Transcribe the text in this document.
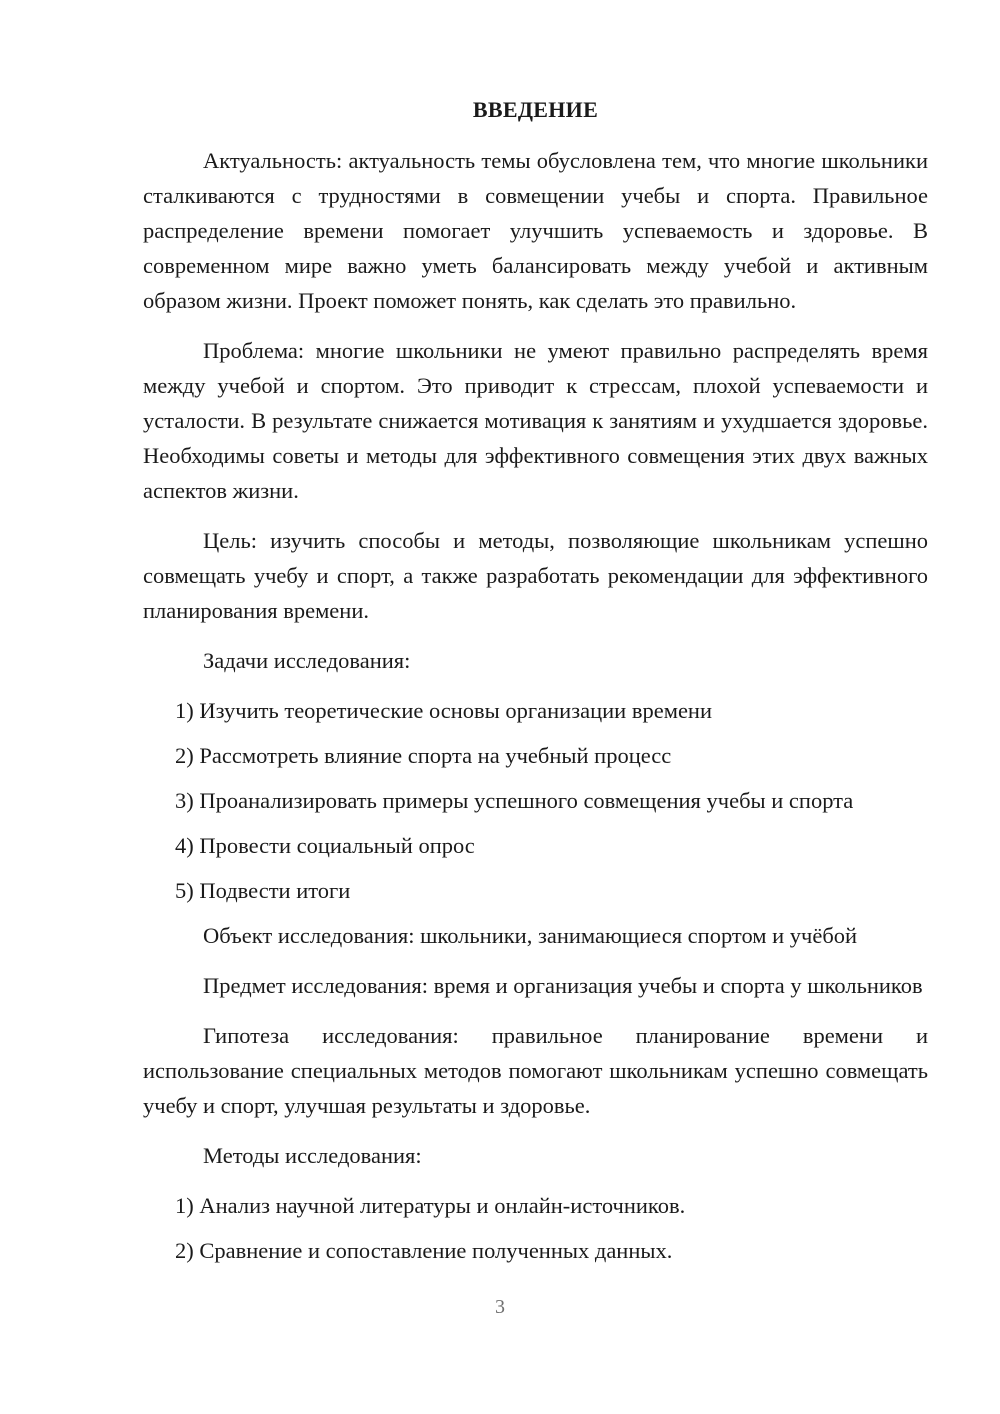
ВВЕДЕНИЕ

Актуальность: актуальность темы обусловлена тем, что многие школьники сталкиваются с трудностями в совмещении учебы и спорта. Правильное распределение времени помогает улучшить успеваемость и здоровье. В современном мире важно уметь балансировать между учебой и активным образом жизни. Проект поможет понять, как сделать это правильно.

Проблема: многие школьники не умеют правильно распределять время между учебой и спортом. Это приводит к стрессам, плохой успеваемости и усталости. В результате снижается мотивация к занятиям и ухудшается здоровье. Необходимы советы и методы для эффективного совмещения этих двух важных аспектов жизни.

Цель: изучить способы и методы, позволяющие школьникам успешно совмещать учебу и спорт, а также разработать рекомендации для эффективного планирования времени.

Задачи исследования:

1) Изучить теоретические основы организации времени

2) Рассмотреть влияние спорта на учебный процесс

3) Проанализировать примеры успешного совмещения учебы и спорта

4) Провести социальный опрос

5) Подвести итоги

Объект исследования: школьники, занимающиеся спортом и учёбой

Предмет исследования: время и организация учебы и спорта у школьников

Гипотеза исследования: правильное планирование времени и использование специальных методов помогают школьникам успешно совмещать учебу и спорт, улучшая результаты и здоровье.

Методы исследования:

1) Анализ научной литературы и онлайн-источников.

2) Сравнение и сопоставление полученных данных.

3
